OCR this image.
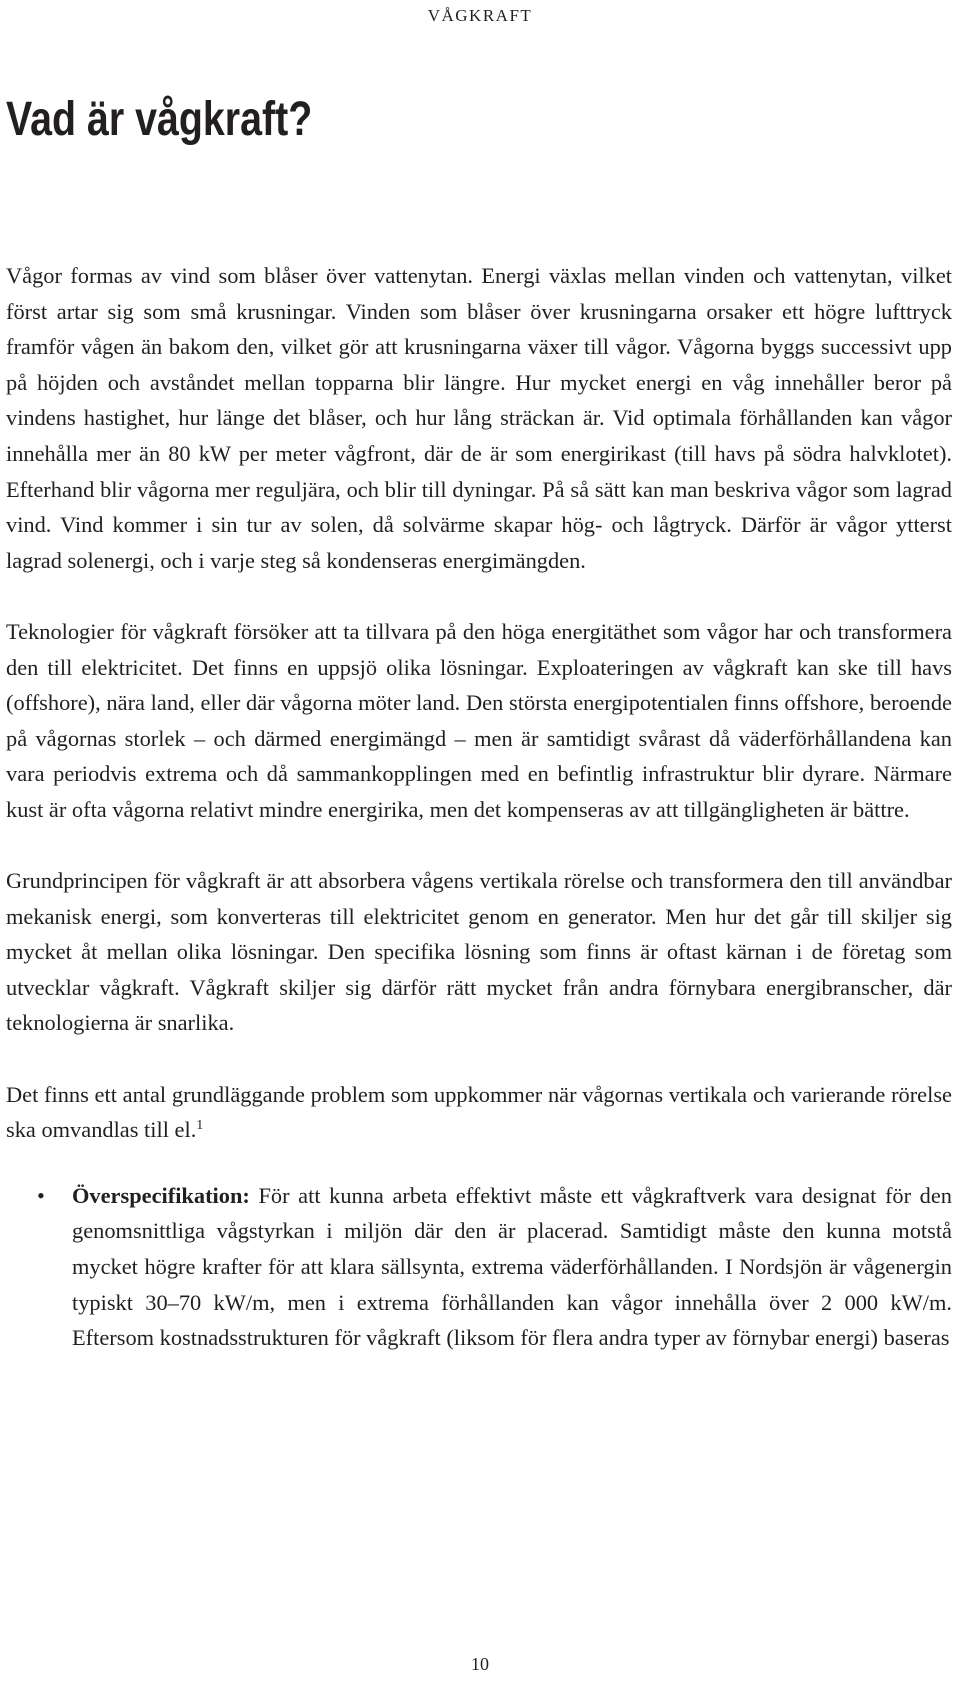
VÅGKRAFT
Vad är vågkraft?

Vågor formas av vind som blåser över vattenytan. Energi växlas mellan vinden och vattenytan, vilket först artar sig som små krusningar. Vinden som blåser över krusningarna orsaker ett högre lufttryck framför vågen än bakom den, vilket gör att krusningarna växer till vågor. Vågorna byggs successivt upp på höjden och avståndet mellan topparna blir längre. Hur mycket energi en våg innehåller beror på vindens hastighet, hur länge det blåser, och hur lång sträckan är. Vid optimala förhållanden kan vågor innehålla mer än 80 kW per meter vågfront, där de är som energirikast (till havs på södra halvklotet). Efterhand blir vågorna mer reguljära, och blir till dyningar. På så sätt kan man beskriva vågor som lagrad vind. Vind kommer i sin tur av solen, då solvärme skapar hög- och lågtryck. Därför är vågor ytterst lagrad solenergi, och i varje steg så kondenseras energimängden.

Teknologier för vågkraft försöker att ta tillvara på den höga energitäthet som vågor har och transformera den till elektricitet. Det finns en uppsjö olika lösningar. Exploateringen av vågkraft kan ske till havs (offshore), nära land, eller där vågorna möter land. Den största energipotentialen finns offshore, beroende på vågornas storlek – och därmed energimängd – men är samtidigt svårast då väderförhållandena kan vara periodvis extrema och då sammankopplingen med en befintlig infrastruktur blir dyrare. Närmare kust är ofta vågorna relativt mindre energirika, men det kompenseras av att tillgängligheten är bättre.

Grundprincipen för vågkraft är att absorbera vågens vertikala rörelse och transformera den till användbar mekanisk energi, som konverteras till elektricitet genom en generator. Men hur det går till skiljer sig mycket åt mellan olika lösningar. Den specifika lösning som finns är oftast kärnan i de företag som utvecklar vågkraft. Vågkraft skiljer sig därför rätt mycket från andra förnybara energibranscher, där teknologierna är snarlika.

Det finns ett antal grundläggande problem som uppkommer när vågornas vertikala och varierande rörelse ska omvandlas till el.$^1$

• Överspecifikation: För att kunna arbeta effektivt måste ett vågkraftverk vara designat för den genomsnittliga vågstyrkan i miljön där den är placerad. Samtidigt måste den kunna motstå mycket högre krafter för att klara sällsynta, extrema väderförhållanden. I Nordsjön är vågenergin typiskt 30–70 kW/m, men i extrema förhållanden kan vågor innehålla över 2 000 kW/m. Eftersom kostnadsstrukturen för vågkraft (liksom för flera andra typer av förnybar energi) baseras
10
